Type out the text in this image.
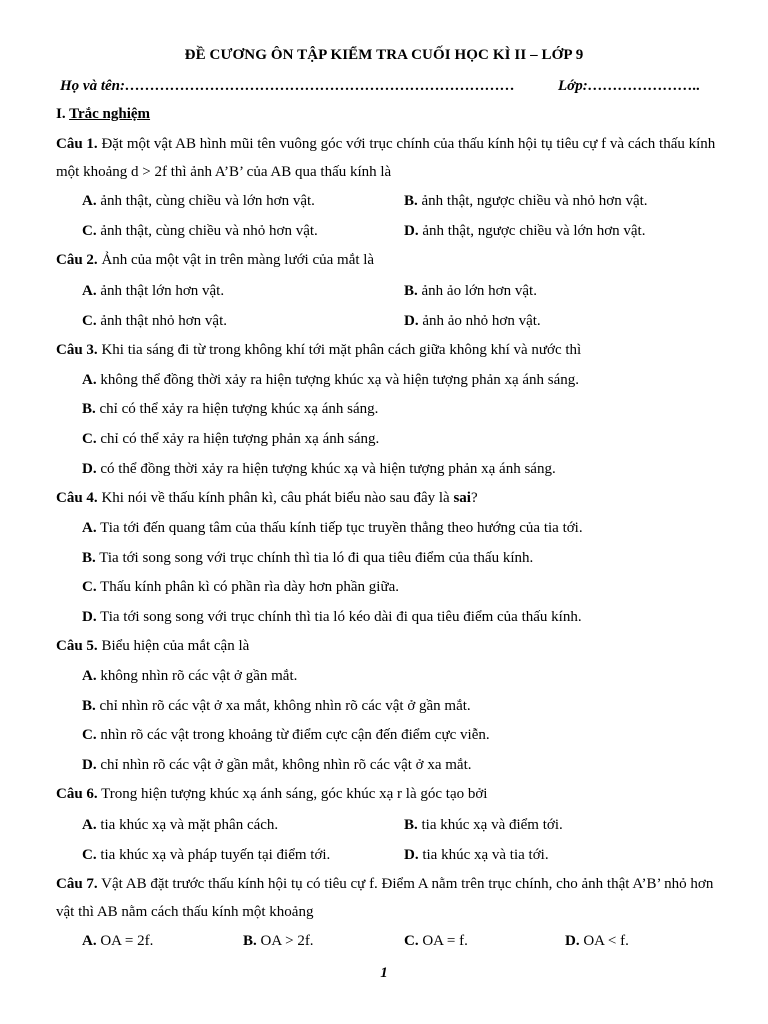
ĐỀ CƯƠNG ÔN TẬP KIỂM TRA CUỐI HỌC KÌ II – LỚP 9
Họ và tên:……………………………………………………………………	Lớp:…………………..
I. Trắc nghiệm
Câu 1. Đặt một vật AB hình mũi tên vuông góc với trục chính của thấu kính hội tụ tiêu cự f và cách thấu kính một khoảng d > 2f thì ảnh A’B’ của AB qua thấu kính là
A. ảnh thật, cùng chiều và lớn hơn vật.	B. ảnh thật, ngược chiều và nhỏ hơn vật.
C. ảnh thật, cùng chiều và nhỏ hơn vật.	D. ảnh thật, ngược chiều và lớn hơn vật.
Câu 2. Ảnh của một vật in trên màng lưới của mắt là
A. ảnh thật lớn hơn vật.	B. ảnh ảo lớn hơn vật.
C. ảnh thật nhỏ hơn vật.	D. ảnh ảo nhỏ hơn vật.
Câu 3. Khi tia sáng đi từ trong không khí tới mặt phân cách giữa không khí và nước thì
A. không thể đồng thời xảy ra hiện tượng khúc xạ và hiện tượng phản xạ ánh sáng.
B. chỉ có thể xảy ra hiện tượng khúc xạ ánh sáng.
C. chỉ có thể xảy ra hiện tượng phản xạ ánh sáng.
D. có thể đồng thời xảy ra hiện tượng khúc xạ và hiện tượng phản xạ ánh sáng.
Câu 4. Khi nói về thấu kính phân kì, câu phát biểu nào sau đây là sai?
A. Tia tới đến quang tâm của thấu kính tiếp tục truyền thẳng theo hướng của tia tới.
B. Tia tới song song với trục chính thì tia ló đi qua tiêu điểm của thấu kính.
C. Thấu kính phân kì có phần rìa dày hơn phần giữa.
D. Tia tới song song với trục chính thì tia ló kéo dài đi qua tiêu điểm của thấu kính.
Câu 5. Biểu hiện của mắt cận là
A. không nhìn rõ các vật ở gần mắt.
B. chỉ nhìn rõ các vật ở xa mắt, không nhìn rõ các vật ở gần mắt.
C. nhìn rõ các vật trong khoảng từ điểm cực cận đến điểm cực viễn.
D. chỉ nhìn rõ các vật ở gần mắt, không nhìn rõ các vật ở xa mắt.
Câu 6. Trong hiện tượng khúc xạ ánh sáng, góc khúc xạ r là góc tạo bởi
A. tia khúc xạ và mặt phân cách.	B. tia khúc xạ và điểm tới.
C. tia khúc xạ và pháp tuyến tại điểm tới.	D. tia khúc xạ và tia tới.
Câu 7. Vật AB đặt trước thấu kính hội tụ có tiêu cự f. Điểm A nằm trên trục chính, cho ảnh thật A’B’ nhỏ hơn vật thì AB nằm cách thấu kính một khoảng
A. OA = 2f.	B. OA > 2f.	C. OA = f.	D. OA < f.
1
